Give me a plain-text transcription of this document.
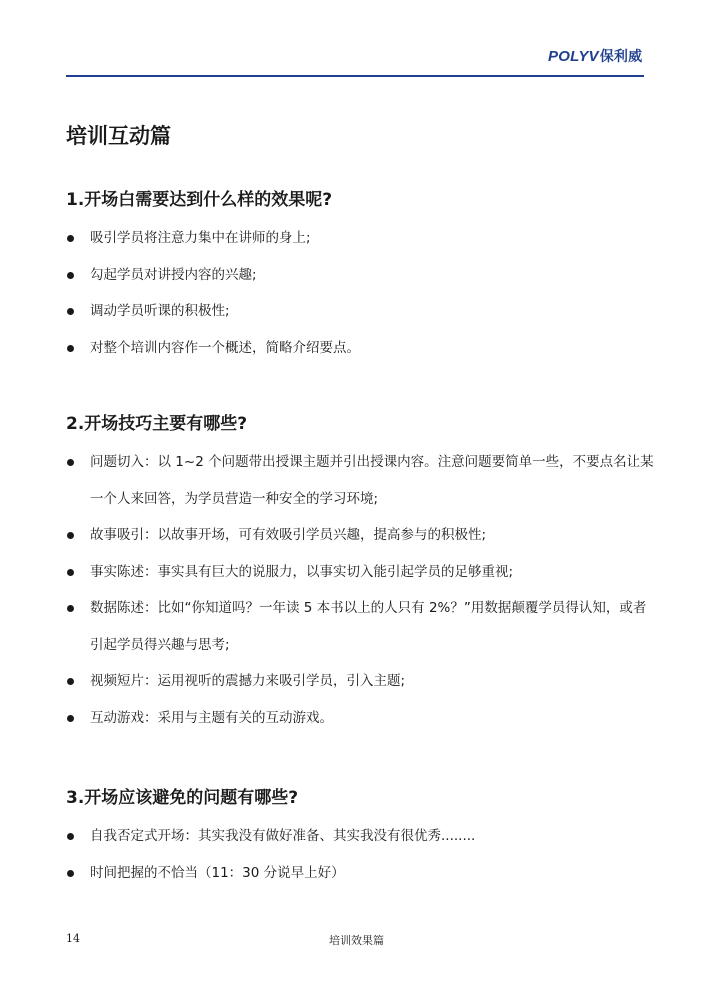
POLYV保利威
培训互动篇
1.开场白需要达到什么样的效果呢?
吸引学员将注意力集中在讲师的身上;
勾起学员对讲授内容的兴趣;
调动学员听课的积极性;
对整个培训内容作一个概述，简略介绍要点。
2.开场技巧主要有哪些?
问题切入：以 1~2 个问题带出授课主题并引出授课内容。注意问题要简单一些，不要点名让某一个人来回答，为学员营造一种安全的学习环境;
故事吸引：以故事开场，可有效吸引学员兴趣，提高参与的积极性;
事实陈述：事实具有巨大的说服力，以事实切入能引起学员的足够重视;
数据陈述：比如“你知道吗？一年读 5 本书以上的人只有 2%？”用数据颠覆学员得认知，或者引起学员得兴趣与思考;
视频短片：运用视听的震撼力来吸引学员，引入主题;
互动游戏：采用与主题有关的互动游戏。
3.开场应该避免的问题有哪些?
自我否定式开场：其实我没有做好准备、其实我没有很优秀........
时间把握的不恰当（11：30 分说早上好）
14	培训效果篇
